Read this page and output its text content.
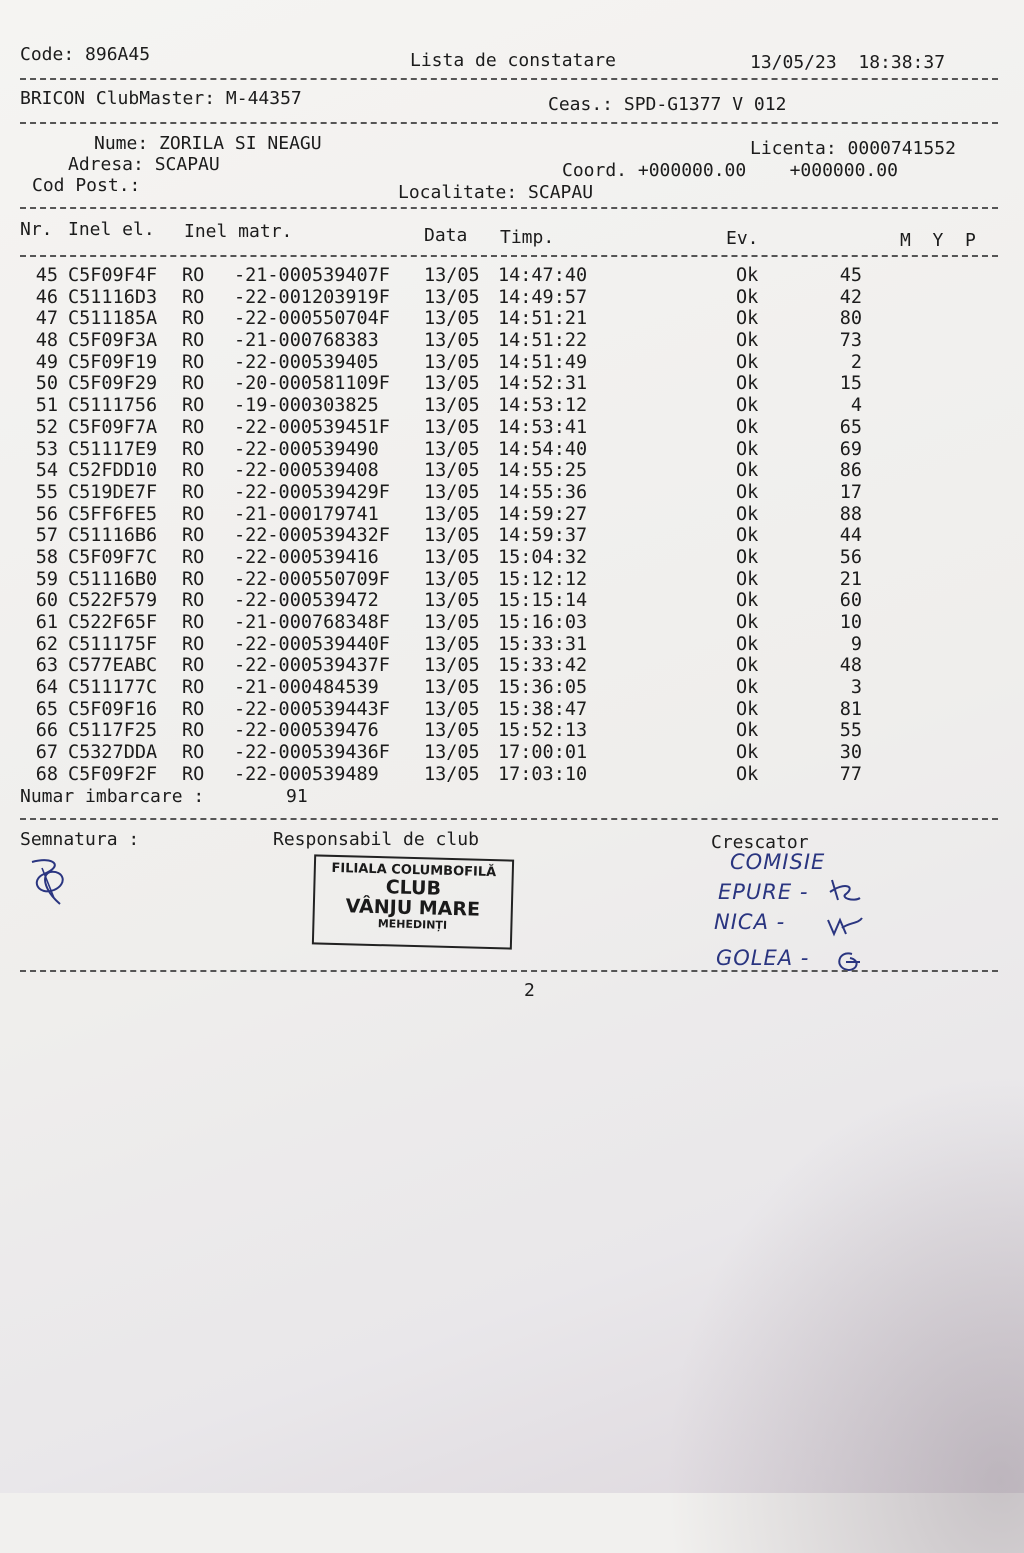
Code: 896A45	Lista de constatare	13/05/23  18:38:37
BRICON ClubMaster: M-44357	Ceas.: SPD-G1377 V 012
Nume: ZORILA SI NEAGU
Adresa: SCAPAU
Cod Post.:
Licenta: 0000741552
Coord. +000000.00    +000000.00
Localitate: SCAPAU
Nr. Inel el. Inel matr.	Data Timp.	Ev.	M  Y  P
45 C5F09F4F RO -21-000539407F 13/05 14:47:40	Ok	45
46 C51116D3 RO -22-001203919F 13/05 14:49:57	Ok	42
47 C511185A RO -22-000550704F 13/05 14:51:21	Ok	80
48 C5F09F3A RO -21-000768383 13/05 14:51:22	Ok	73
49 C5F09F19 RO -22-000539405 13/05 14:51:49	Ok	2
50 C5F09F29 RO -20-000581109F 13/05 14:52:31	Ok	15
51 C5111756 RO -19-000303825 13/05 14:53:12	Ok	4
52 C5F09F7A RO -22-000539451F 13/05 14:53:41	Ok	65
53 C51117E9 RO -22-000539490 13/05 14:54:40	Ok	69
54 C52FDD10 RO -22-000539408 13/05 14:55:25	Ok	86
55 C519DE7F RO -22-000539429F 13/05 14:55:36	Ok	17
56 C5FF6FE5 RO -21-000179741 13/05 14:59:27	Ok	88
57 C51116B6 RO -22-000539432F 13/05 14:59:37	Ok	44
58 C5F09F7C RO -22-000539416 13/05 15:04:32	Ok	56
59 C51116B0 RO -22-000550709F 13/05 15:12:12	Ok	21
60 C522F579 RO -22-000539472 13/05 15:15:14	Ok	60
61 C522F65F RO -21-000768348F 13/05 15:16:03	Ok	10
62 C511175F RO -22-000539440F 13/05 15:33:31	Ok	9
63 C577EABC RO -22-000539437F 13/05 15:33:42	Ok	48
64 C511177C RO -21-000484539 13/05 15:36:05	Ok	3
65 C5F09F16 RO -22-000539443F 13/05 15:38:47	Ok	81
66 C5117F25 RO -22-000539476 13/05 15:52:13	Ok	55
67 C5327DDA RO -22-000539436F 13/05 17:00:01	Ok	30
68 C5F09F2F RO -22-000539489 13/05 17:03:10	Ok	77
Numar imbarcare :	91
Semnatura :	Responsabil de club	Crescator
FILIALA COLUMBOFILĂ
CLUB
VÂNJU MARE
MEHEDINȚI
COMISIE
EPURE -
NICA -
GOLEA -
2
